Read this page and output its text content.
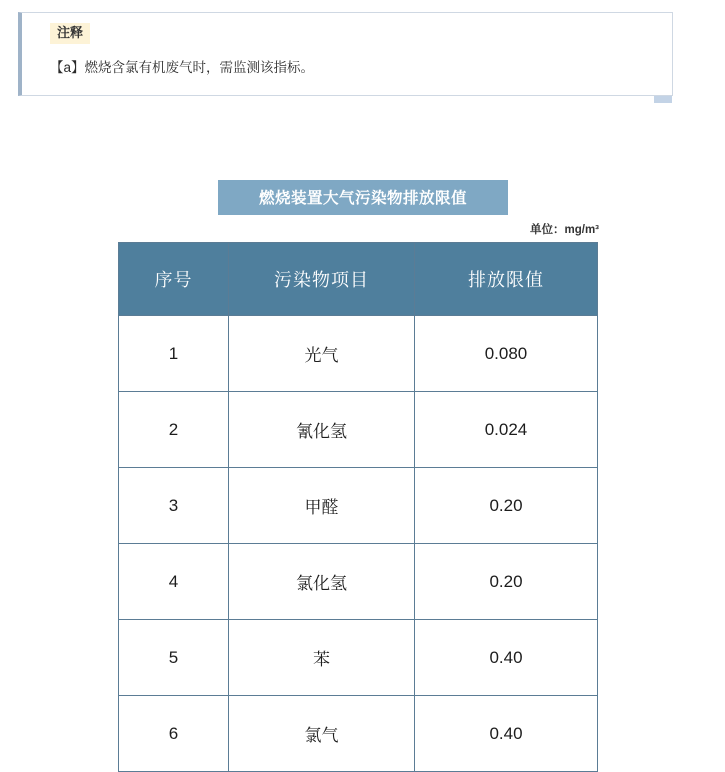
注释
【a】燃烧含氯有机废气时，需监测该指标。
燃烧装置大气污染物排放限值
单位：mg/m³
序号	污染物项目	排放限值
1	光气	0.080
2	氰化氢	0.024
3	甲醛	0.20
4	氯化氢	0.20
5	苯	0.40
6	氯气	0.40
